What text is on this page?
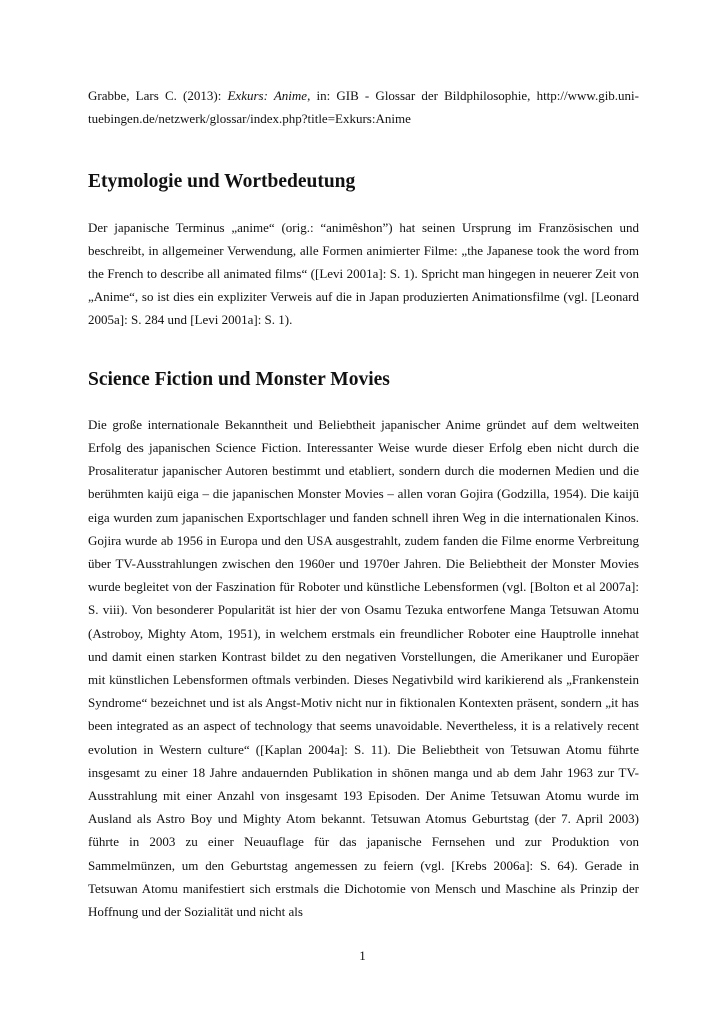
Grabbe, Lars C. (2013): Exkurs: Anime, in: GIB - Glossar der Bildphilosophie, http://www.gib.uni-tuebingen.de/netzwerk/glossar/index.php?title=Exkurs:Anime

Etymologie und Wortbedeutung

Der japanische Terminus „anime“ (orig.: “animêshon”) hat seinen Ursprung im Französischen und beschreibt, in allgemeiner Verwendung, alle Formen animierter Filme: „the Japanese took the word from the French to describe all animated films“ ([Levi 2001a]: S. 1). Spricht man hingegen in neuerer Zeit von „Anime“, so ist dies ein expliziter Verweis auf die in Japan produzierten Animationsfilme (vgl. [Leonard 2005a]: S. 284 und [Levi 2001a]: S. 1).

Science Fiction und Monster Movies

Die große internationale Bekanntheit und Beliebtheit japanischer Anime gründet auf dem weltweiten Erfolg des japanischen Science Fiction. Interessanter Weise wurde dieser Erfolg eben nicht durch die Prosaliteratur japanischer Autoren bestimmt und etabliert, sondern durch die modernen Medien und die berühmten kaijū eiga – die japanischen Monster Movies – allen voran Gojira (Godzilla, 1954). Die kaijū eiga wurden zum japanischen Exportschlager und fanden schnell ihren Weg in die internationalen Kinos. Gojira wurde ab 1956 in Europa und den USA ausgestrahlt, zudem fanden die Filme enorme Verbreitung über TV-Ausstrahlungen zwischen den 1960er und 1970er Jahren. Die Beliebtheit der Monster Movies wurde begleitet von der Faszination für Roboter und künstliche Lebensformen (vgl. [Bolton et al 2007a]: S. viii). Von besonderer Popularität ist hier der von Osamu Tezuka entworfene Manga Tetsuwan Atomu (Astroboy, Mighty Atom, 1951), in welchem erstmals ein freundlicher Roboter eine Hauptrolle innehat und damit einen starken Kontrast bildet zu den negativen Vorstellungen, die Amerikaner und Europäer mit künstlichen Lebensformen oftmals verbinden. Dieses Negativbild wird karikierend als „Frankenstein Syndrome“ bezeichnet und ist als Angst-Motiv nicht nur in fiktionalen Kontexten präsent, sondern „it has been integrated as an aspect of technology that seems unavoidable. Nevertheless, it is a relatively recent evolution in Western culture“ ([Kaplan 2004a]: S. 11). Die Beliebtheit von Tetsuwan Atomu führte insgesamt zu einer 18 Jahre andauernden Publikation in shōnen manga und ab dem Jahr 1963 zur TV-Ausstrahlung mit einer Anzahl von insgesamt 193 Episoden. Der Anime Tetsuwan Atomu wurde im Ausland als Astro Boy und Mighty Atom bekannt. Tetsuwan Atomus Geburtstag (der 7. April 2003) führte in 2003 zu einer Neuauflage für das japanische Fernsehen und zur Produktion von Sammelmünzen, um den Geburtstag angemessen zu feiern (vgl. [Krebs 2006a]: S. 64). Gerade in Tetsuwan Atomu manifestiert sich erstmals die Dichotomie von Mensch und Maschine als Prinzip der Hoffnung und der Sozialität und nicht als

1
